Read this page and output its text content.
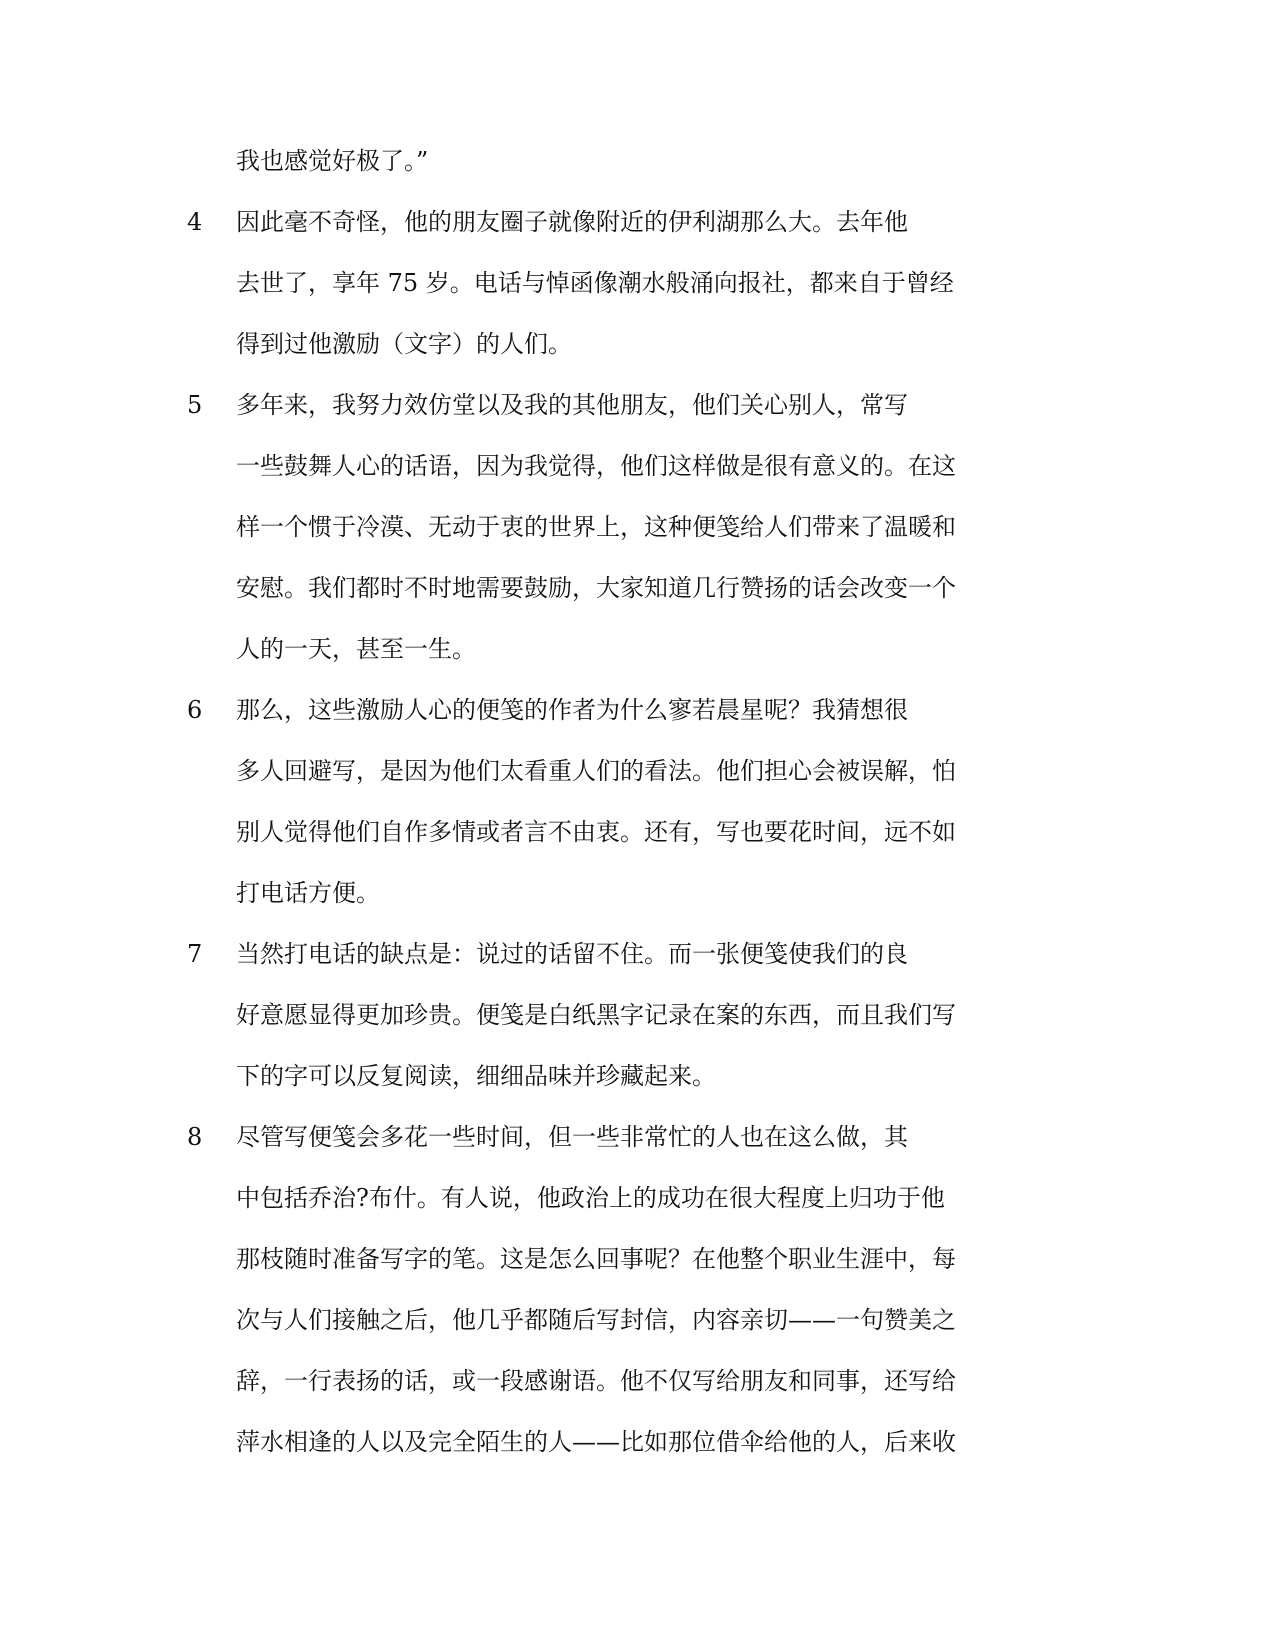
我也感觉好极了。”
4 因此毫不奇怪，他的朋友圈子就像附近的伊利湖那么大。去年他
去世了，享年 75 岁。电话与悼函像潮水般涌向报社，都来自于曾经
得到过他激励（文字）的人们。
5 多年来，我努力效仿堂以及我的其他朋友，他们关心别人，常写
一些鼓舞人心的话语，因为我觉得，他们这样做是很有意义的。在这
样一个惯于冷漠、无动于衷的世界上，这种便笺给人们带来了温暖和
安慰。我们都时不时地需要鼓励，大家知道几行赞扬的话会改变一个
人的一天，甚至一生。
6 那么，这些激励人心的便笺的作者为什么寥若晨星呢？我猜想很
多人回避写，是因为他们太看重人们的看法。他们担心会被误解，怕
别人觉得他们自作多情或者言不由衷。还有，写也要花时间，远不如
打电话方便。
7 当然打电话的缺点是：说过的话留不住。而一张便笺使我们的良
好意愿显得更加珍贵。便笺是白纸黑字记录在案的东西，而且我们写
下的字可以反复阅读，细细品味并珍藏起来。
8 尽管写便笺会多花一些时间，但一些非常忙的人也在这么做，其
中包括乔治?布什。有人说，他政治上的成功在很大程度上归功于他
那枝随时准备写字的笔。这是怎么回事呢？在他整个职业生涯中，每
次与人们接触之后，他几乎都随后写封信，内容亲切——一句赞美之
辞，一行表扬的话，或一段感谢语。他不仅写给朋友和同事，还写给
萍水相逢的人以及完全陌生的人——比如那位借伞给他的人，后来收
